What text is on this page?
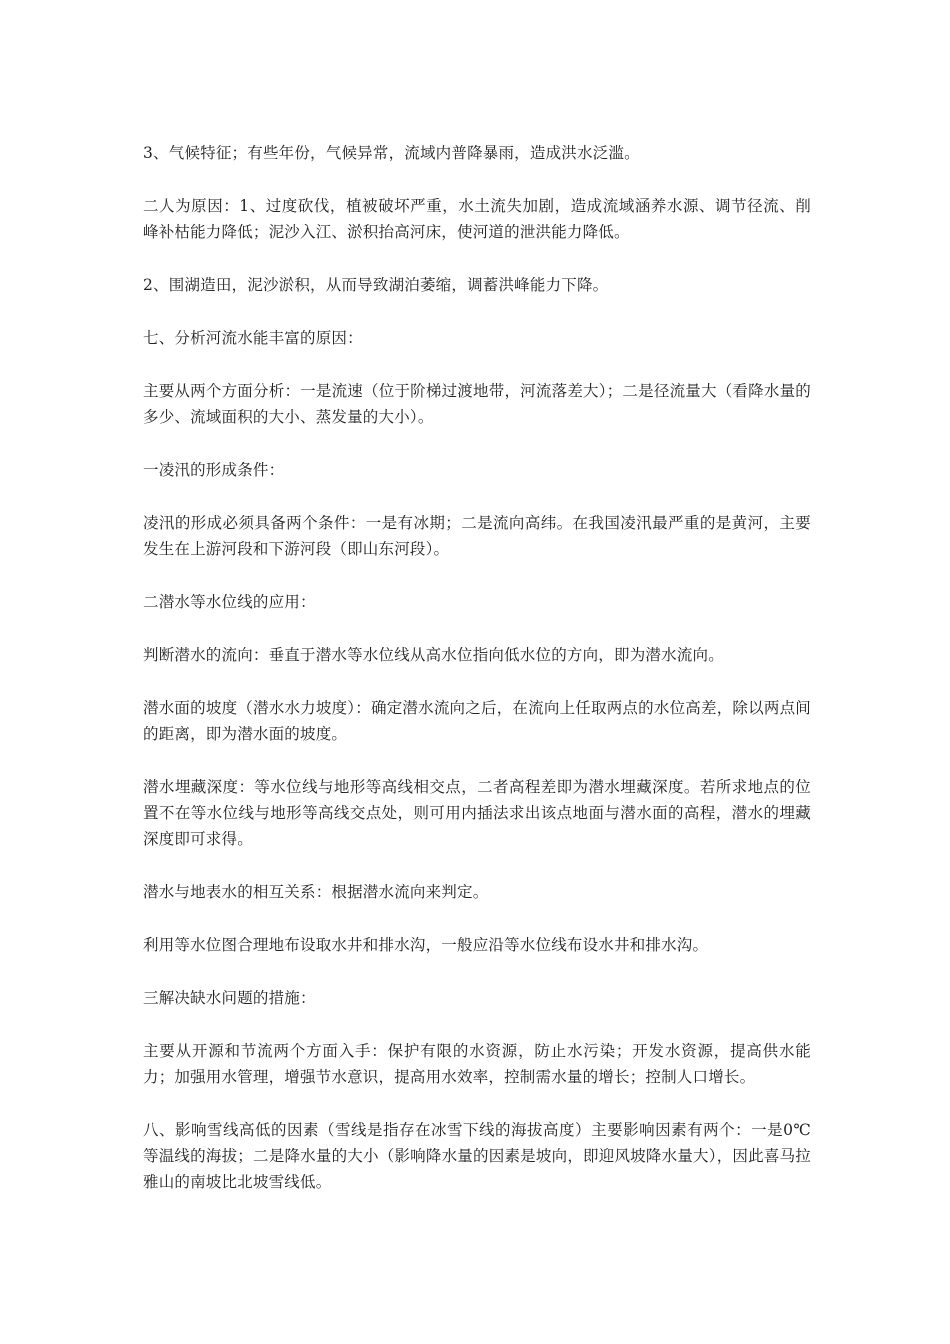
3、气候特征；有些年份，气候异常，流域内普降暴雨，造成洪水泛滥。

二人为原因：1、过度砍伐，植被破坏严重，水土流失加剧，造成流域涵养水源、调节径流、削峰补枯能力降低；泥沙入江、淤积抬高河床，使河道的泄洪能力降低。

2、围湖造田，泥沙淤积，从而导致湖泊萎缩，调蓄洪峰能力下降。

七、分析河流水能丰富的原因：

主要从两个方面分析：一是流速（位于阶梯过渡地带，河流落差大）；二是径流量大（看降水量的多少、流域面积的大小、蒸发量的大小）。

一凌汛的形成条件：

凌汛的形成必须具备两个条件：一是有冰期；二是流向高纬。在我国凌汛最严重的是黄河，主要发生在上游河段和下游河段（即山东河段）。

二潜水等水位线的应用：

判断潜水的流向：垂直于潜水等水位线从高水位指向低水位的方向，即为潜水流向。

潜水面的坡度（潜水水力坡度）：确定潜水流向之后，在流向上任取两点的水位高差，除以两点间的距离，即为潜水面的坡度。

潜水埋藏深度：等水位线与地形等高线相交点，二者高程差即为潜水埋藏深度。若所求地点的位置不在等水位线与地形等高线交点处，则可用内插法求出该点地面与潜水面的高程，潜水的埋藏深度即可求得。

潜水与地表水的相互关系：根据潜水流向来判定。

利用等水位图合理地布设取水井和排水沟，一般应沿等水位线布设水井和排水沟。

三解决缺水问题的措施：

主要从开源和节流两个方面入手：保护有限的水资源，防止水污染；开发水资源，提高供水能力；加强用水管理，增强节水意识，提高用水效率，控制需水量的增长；控制人口增长。

八、影响雪线高低的因素（雪线是指存在冰雪下线的海拔高度）主要影响因素有两个：一是0℃等温线的海拔；二是降水量的大小（影响降水量的因素是坡向，即迎风坡降水量大），因此喜马拉雅山的南坡比北坡雪线低。
